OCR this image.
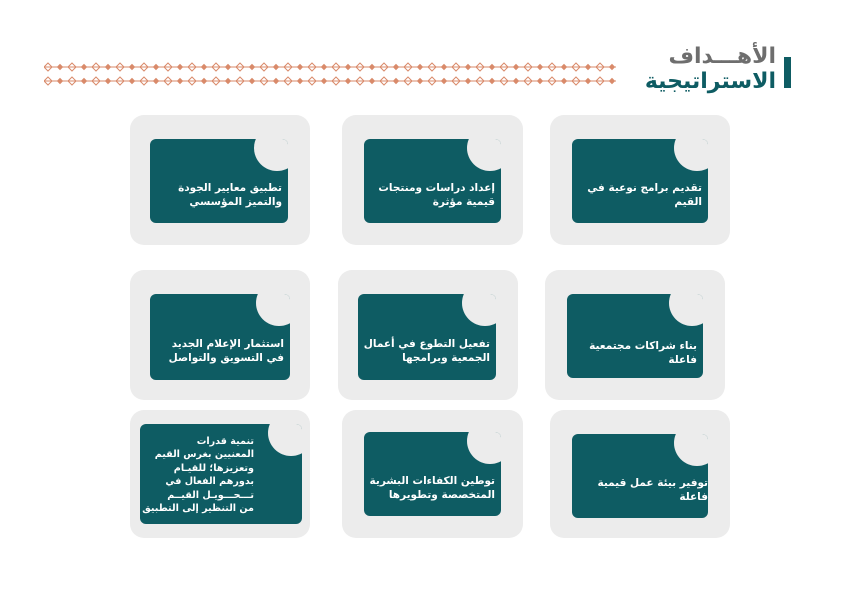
الأهـــداف
الاستراتيجية
تقديم برامج نوعية في
القيم
إعداد دراسات ومنتجات
قيمية مؤثرة
تطبيق معايير الجودة
والتميز المؤسسي
بناء شراكات مجتمعية
فاعلة
تفعيل التطوع في أعمال
الجمعية وبرامجها
استثمار الإعلام الجديد
في التسويق والتواصل
توفير بيئة عمل قيمية
فاعلة
توطين الكفاءات البشرية
المتخصصة وتطويرها
تنمية قدرات
المعنيين بغرس القيم
وتعزيزها؛ للقيـام
بدورهم الفعال في
تـــحـــويـل القيــم
من التنظير إلى التطبيق
